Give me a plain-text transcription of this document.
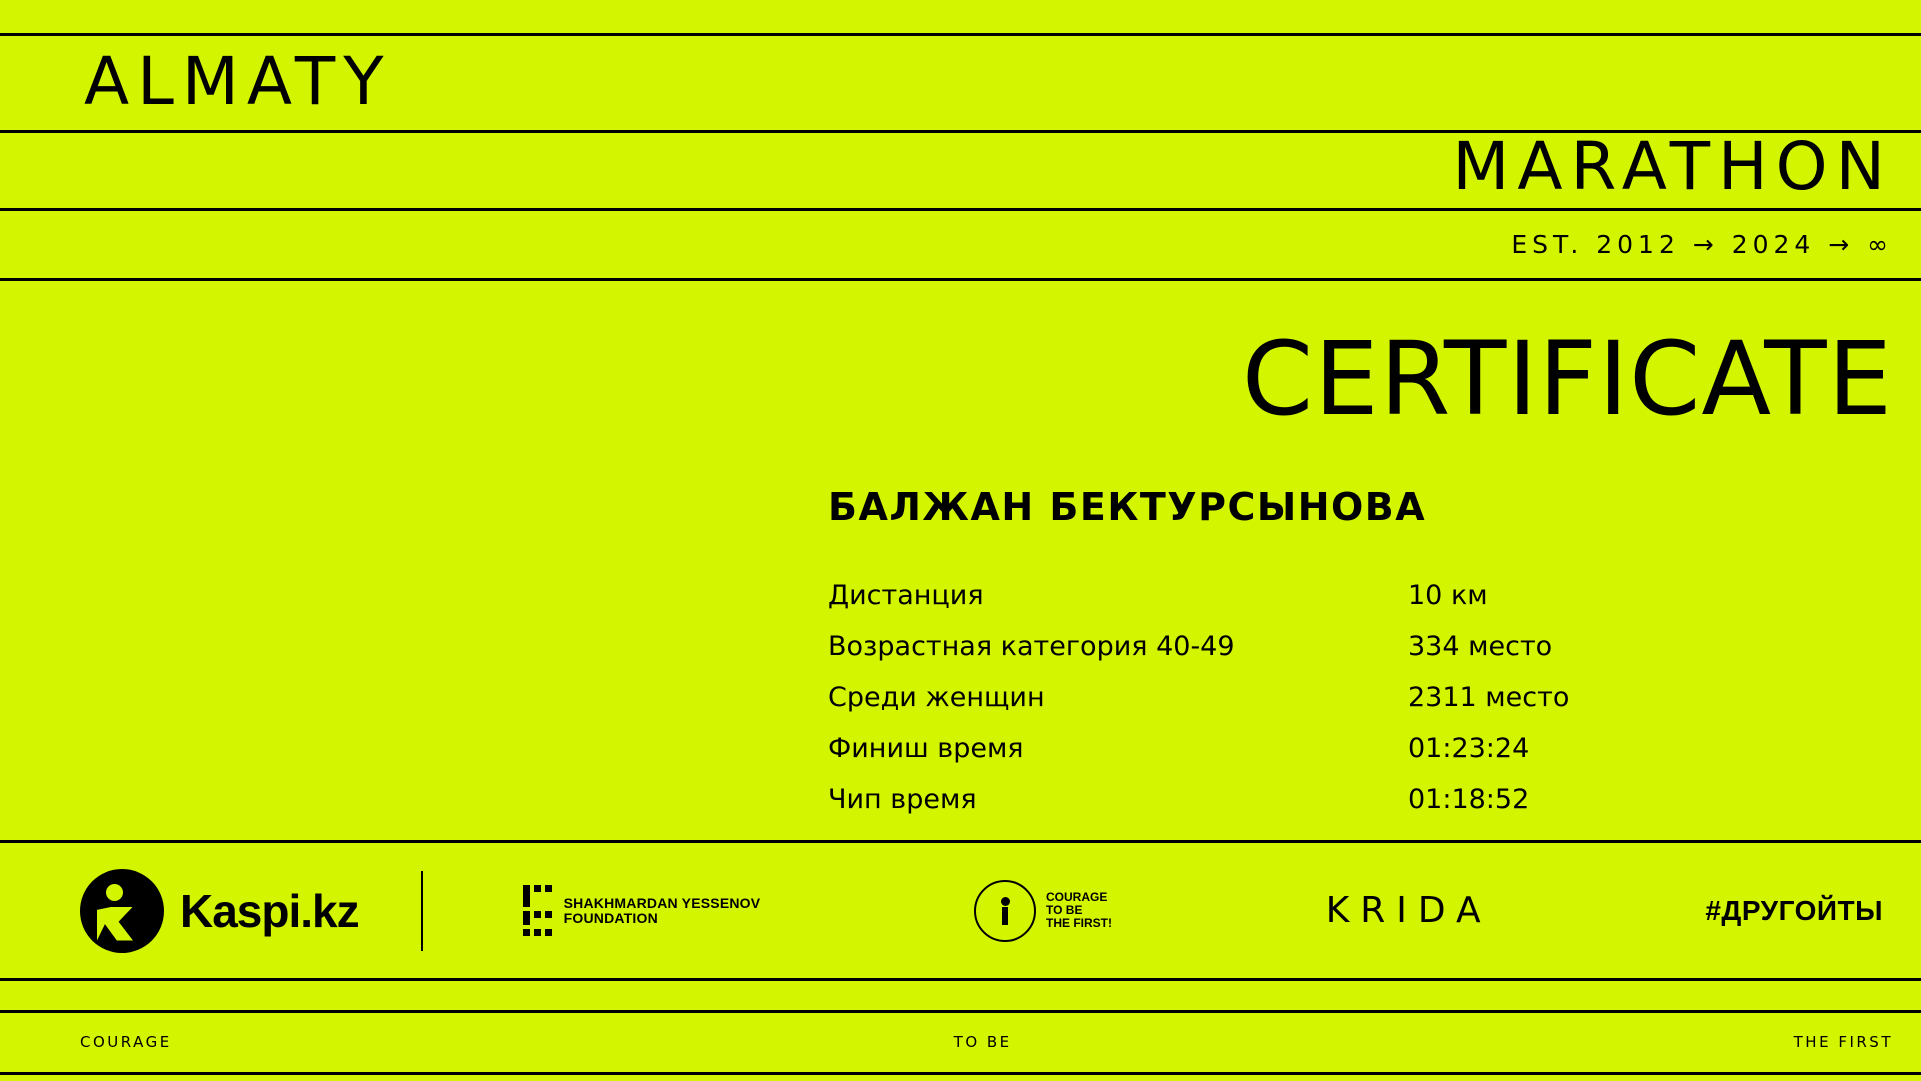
ALMATY
MARATHON
EST. 2012 → 2024 → ∞
CERTIFICATE
БАЛЖАН БЕКТУРСЫНОВА
Дистанция	10 км
Возрастная категория 40-49	334 место
Среди женщин	2311 место
Финиш время	01:23:24
Чип время	01:18:52
Kaspi.kz	SHAKHMARDAN YESSENOV
FOUNDATION
COURAGE
TO BE
THE FIRST!	KRIDA	#ДРУГОЙТЫ
COURAGE	TO BE	THE FIRST
